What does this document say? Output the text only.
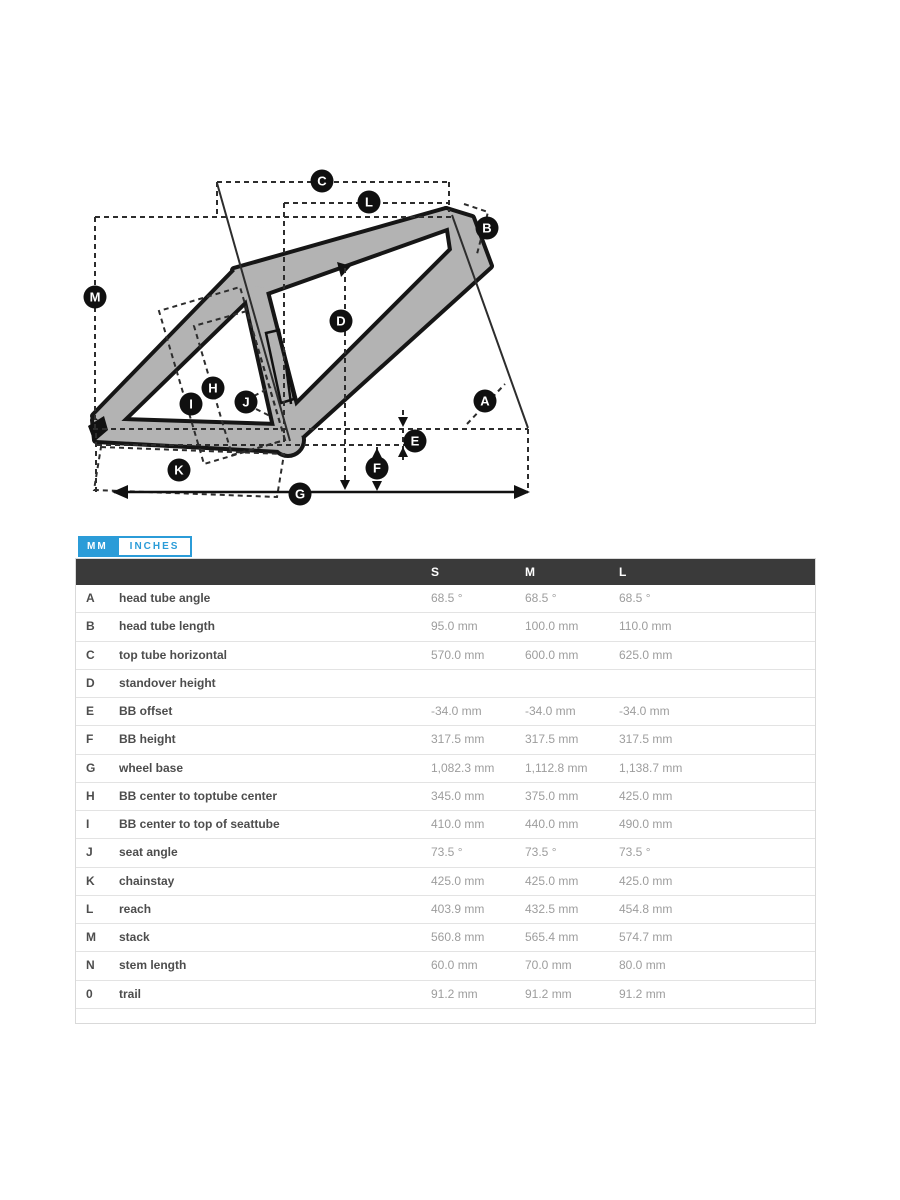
A
B
C
D
E
F
G
H
I	J
K
L
M
MM	INCHES
S	M	L
A head tube angle	68.5 °	68.5 °	68.5 °
B head tube length	95.0 mm	100.0 mm	110.0 mm
C top tube horizontal	570.0 mm	600.0 mm	625.0 mm
D standover height
E BB offset	-34.0 mm	-34.0 mm	-34.0 mm
F BB height	317.5 mm	317.5 mm	317.5 mm
G wheel base	1,082.3 mm	1,112.8 mm	1,138.7 mm
H BB center to toptube center	345.0 mm	375.0 mm	425.0 mm
I BB center to top of seattube	410.0 mm	440.0 mm	490.0 mm
J seat angle	73.5 °	73.5 °	73.5 °
K chainstay	425.0 mm	425.0 mm	425.0 mm
L reach	403.9 mm	432.5 mm	454.8 mm
M stack	560.8 mm	565.4 mm	574.7 mm
N stem length	60.0 mm	70.0 mm	80.0 mm
0 trail	91.2 mm	91.2 mm	91.2 mm
